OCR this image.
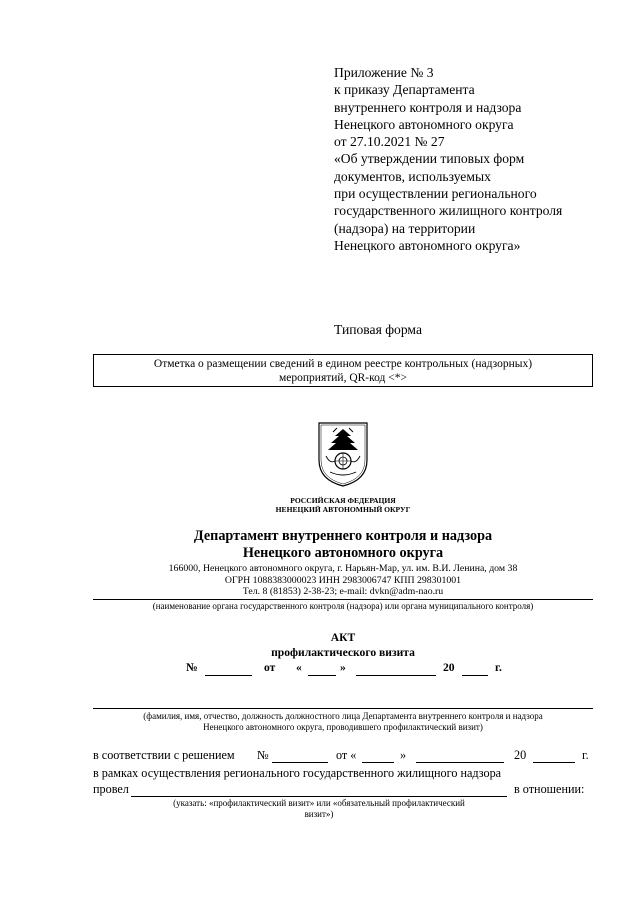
Приложение № 3
к приказу Департамента
внутреннего контроля и надзора
Ненецкого автономного округа
от 27.10.2021 № 27
«Об утверждении типовых форм
документов, используемых
при осуществлении регионального
государственного жилищного контроля
(надзора) на территории
Ненецкого автономного округа»
Типовая форма
Отметка о размещении сведений в едином реестре контрольных (надзорных)
мероприятий, QR-код <*>
РОССИЙСКАЯ ФЕДЕРАЦИЯ
НЕНЕЦКИЙ АВТОНОМНЫЙ ОКРУГ
Департамент внутреннего контроля и надзора
Ненецкого автономного округа
166000, Ненецкого автономного округа, г. Нарьян-Мар, ул. им. В.И. Ленина, дом 38
ОГРН 1088383000023 ИНН 2983006747 КПП 298301001
Тел. 8 (81853) 2-38-23; e-mail: dvkn@adm-nao.ru
(наименование органа государственного контроля (надзора) или органа муниципального контроля)
АКТ
профилактического визита
№	от «	»	20	г.
(фамилия, имя, отчество, должность должностного лица Департамента внутреннего контроля и надзора
Ненецкого автономного округа, проводившего профилактический визит)
в соответствии с решением №	от «	»	20	г.
в рамках осуществления регионального государственного жилищного надзора
провел	в отношении:
(указать: «профилактический визит» или «обязательный профилактический
визит»)
